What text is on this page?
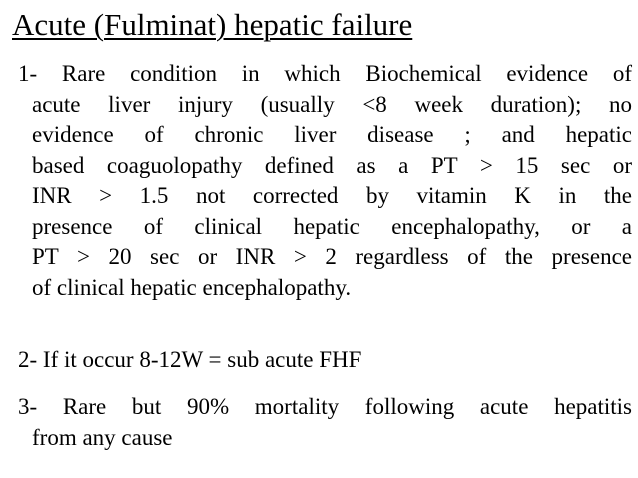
Acute (Fulminat) hepatic failure
1- Rare condition in which Biochemical evidence of
acute liver injury (usually <8 week duration); no
evidence of chronic liver disease ; and hepatic
based coaguolopathy defined as a PT > 15 sec or
INR > 1.5 not corrected by vitamin K in the
presence of clinical hepatic encephalopathy, or a
PT > 20 sec or INR > 2 regardless of the presence
of clinical hepatic encephalopathy.
2- If it occur 8-12W = sub acute FHF
3- Rare but 90% mortality following acute hepatitis
from any cause
